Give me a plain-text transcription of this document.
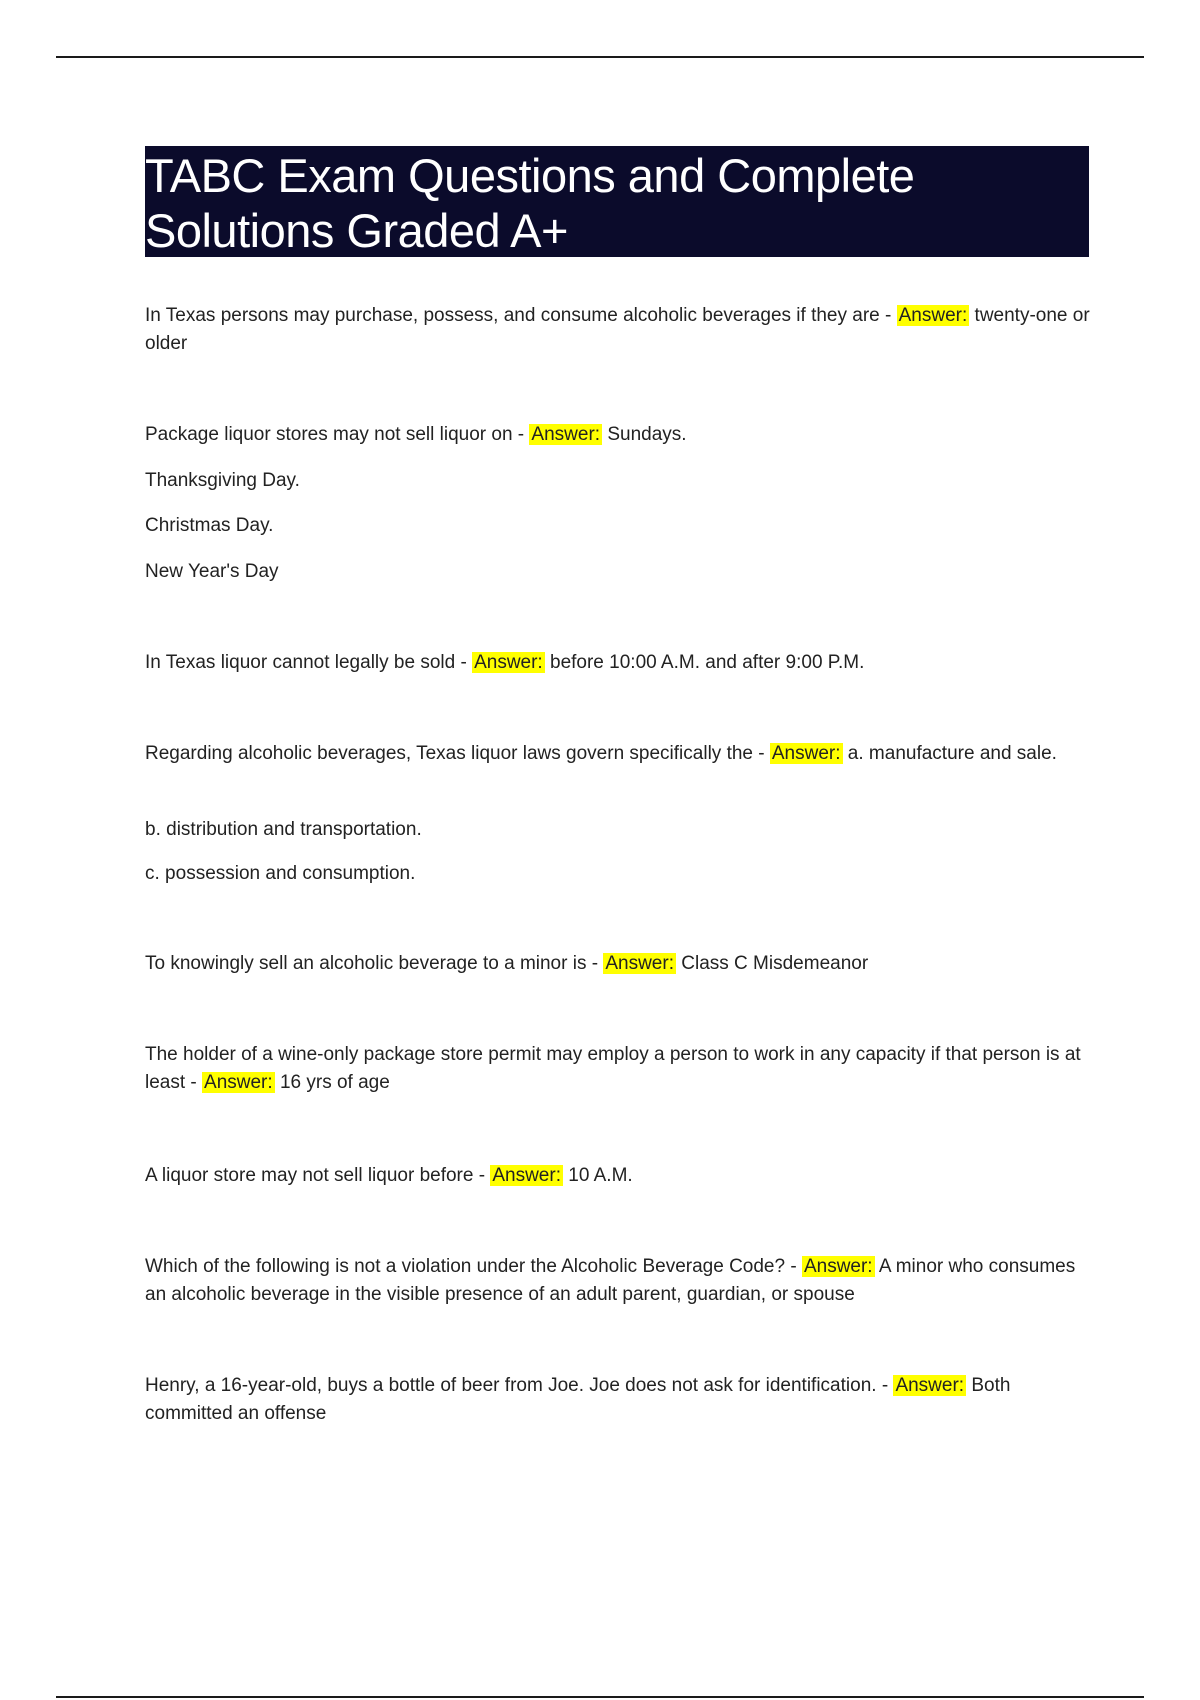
TABC Exam Questions and Complete Solutions Graded A+

In Texas persons may purchase, possess, and consume alcoholic beverages if they are - Answer: twenty-one or older

Package liquor stores may not sell liquor on - Answer: Sundays.

Thanksgiving Day.

Christmas Day.

New Year's Day

In Texas liquor cannot legally be sold - Answer: before 10:00 A.M. and after 9:00 P.M.

Regarding alcoholic beverages, Texas liquor laws govern specifically the - Answer: a. manufacture and sale.

b. distribution and transportation.

c. possession and consumption.

To knowingly sell an alcoholic beverage to a minor is - Answer: Class C Misdemeanor

The holder of a wine-only package store permit may employ a person to work in any capacity if that person is at least - Answer: 16 yrs of age

A liquor store may not sell liquor before - Answer: 10 A.M.

Which of the following is not a violation under the Alcoholic Beverage Code? - Answer: A minor who consumes an alcoholic beverage in the visible presence of an adult parent, guardian, or spouse

Henry, a 16-year-old, buys a bottle of beer from Joe. Joe does not ask for identification. - Answer: Both committed an offense
